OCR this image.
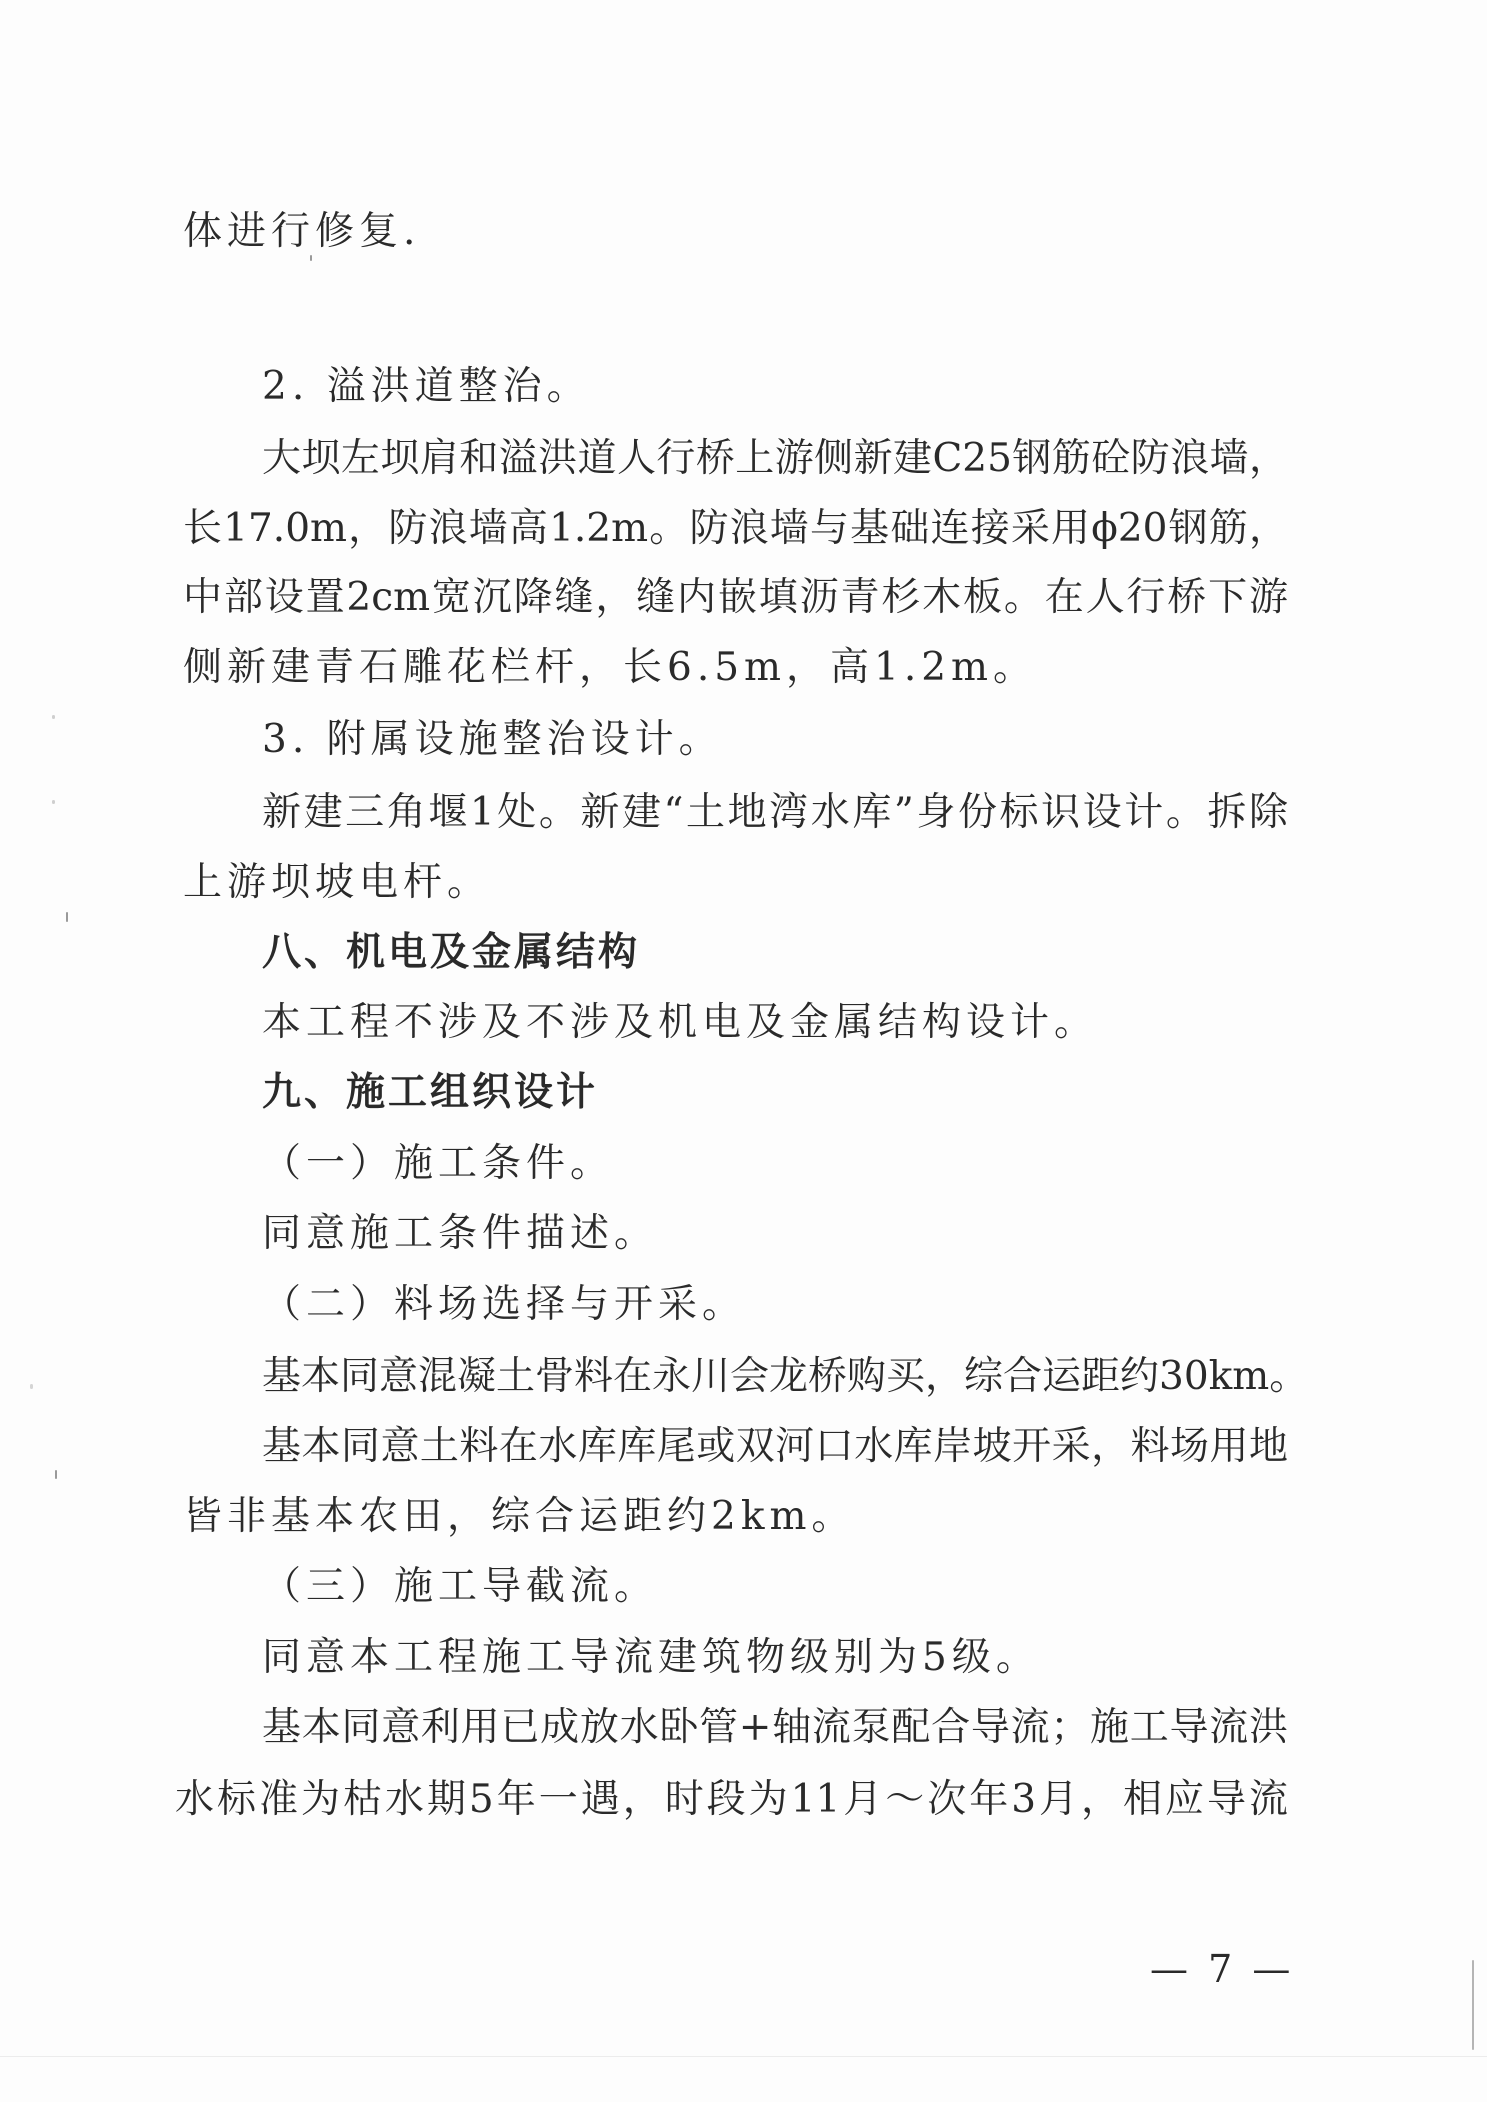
体进行修复.
2. 溢洪道整治。
大坝左坝肩和溢洪道人行桥上游侧新建C25钢筋砼防浪墙，
长17.0m，防浪墙高1.2m。防浪墙与基础连接采用ϕ20钢筋，
中部设置2cm宽沉降缝，缝内嵌填沥青杉木板。在人行桥下游
侧新建青石雕花栏杆，长6.5m，高1.2m。
3. 附属设施整治设计。
新建三角堰1处。新建“土地湾水库”身份标识设计。拆除
上游坝坡电杆。
八、机电及金属结构
本工程不涉及不涉及机电及金属结构设计。
九、施工组织设计
（一）施工条件。
同意施工条件描述。
（二）料场选择与开采。
基本同意混凝土骨料在永川会龙桥购买，综合运距约30km。
基本同意土料在水库库尾或双河口水库岸坡开采，料场用地
皆非基本农田，综合运距约2km。
（三）施工导截流。
同意本工程施工导流建筑物级别为5级。
基本同意利用已成放水卧管+轴流泵配合导流；施工导流洪
水标准为枯水期5年一遇，时段为11月～次年3月，相应导流
— 7 —
